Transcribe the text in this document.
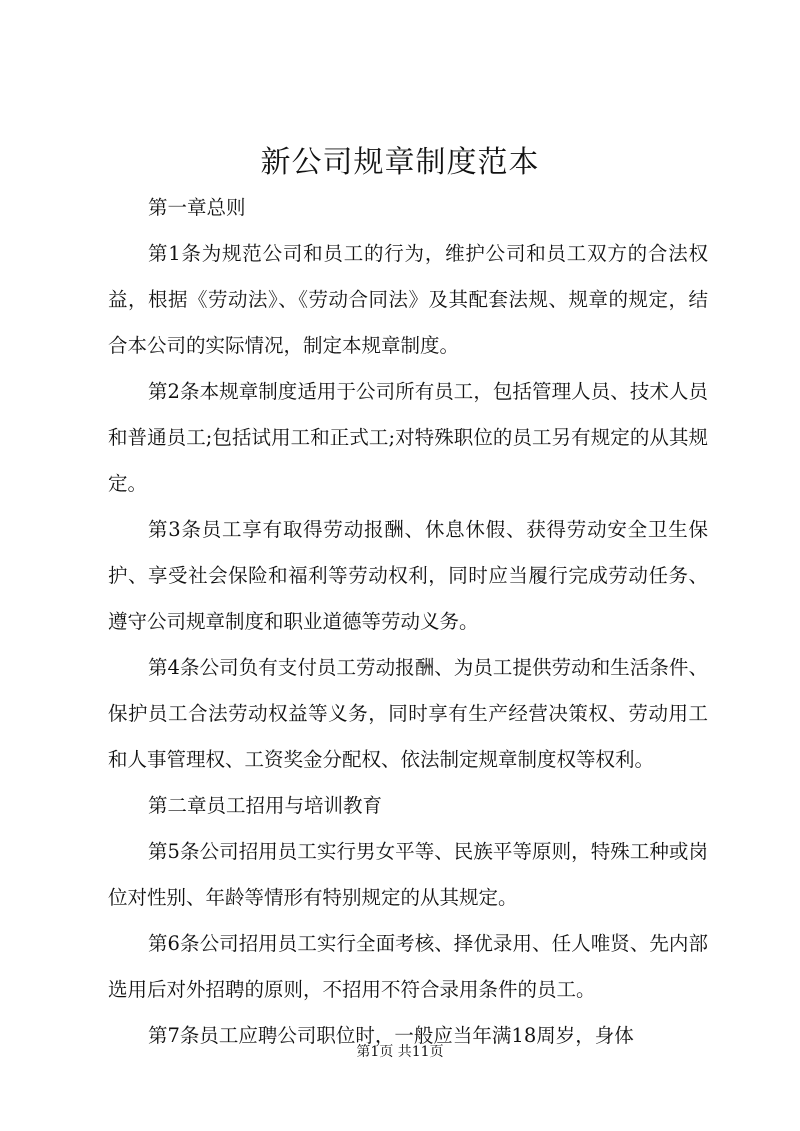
新公司规章制度范本

第一章总则

第1条为规范公司和员工的行为，维护公司和员工双方的合法权益，根据《劳动法》、《劳动合同法》及其配套法规、规章的规定，结合本公司的实际情况，制定本规章制度。

第2条本规章制度适用于公司所有员工，包括管理人员、技术人员和普通员工;包括试用工和正式工;对特殊职位的员工另有规定的从其规定。

第3条员工享有取得劳动报酬、休息休假、获得劳动安全卫生保护、享受社会保险和福利等劳动权利，同时应当履行完成劳动任务、遵守公司规章制度和职业道德等劳动义务。

第4条公司负有支付员工劳动报酬、为员工提供劳动和生活条件、保护员工合法劳动权益等义务，同时享有生产经营决策权、劳动用工和人事管理权、工资奖金分配权、依法制定规章制度权等权利。

第二章员工招用与培训教育

第5条公司招用员工实行男女平等、民族平等原则，特殊工种或岗位对性别、年龄等情形有特别规定的从其规定。

第6条公司招用员工实行全面考核、择优录用、任人唯贤、先内部选用后对外招聘的原则，不招用不符合录用条件的员工。

第7条员工应聘公司职位时，一般应当年满18周岁，身体

第1页 共11页
